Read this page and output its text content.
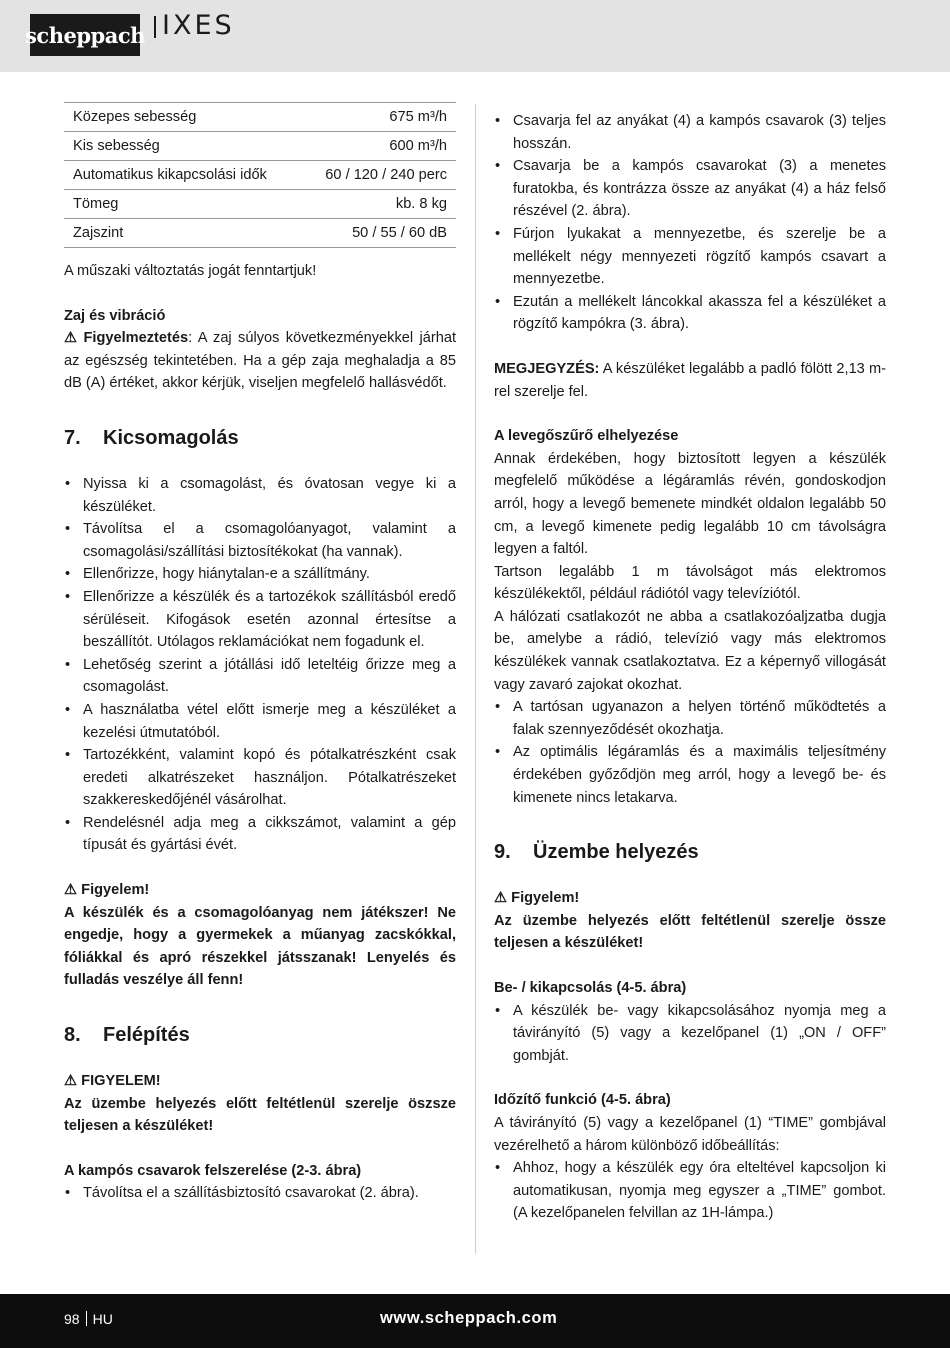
scheppach IXES
Közepes sebesség	675 m³/h
Kis sebesség	600 m³/h
Automatikus kikapcsolási idők	60 / 120 / 240 perc
Tömeg	kb. 8 kg
Zajszint	50 / 55 / 60 dB

A műszaki változtatás jogát fenntartjuk!

Zaj és vibráció

⚠ Figyelmeztetés: A zaj súlyos következményekkel járhat az egészség tekintetében. Ha a gép zaja meghaladja a 85 dB (A) értéket, akkor kérjük, viseljen megfelelő hallásvédőt.

7.	Kicsomagolás
• Nyissa ki a csomagolást, és óvatosan vegye ki a készüléket.
• Távolítsa el a csomagolóanyagot, valamint a csomagolási/szállítási biztosítékokat (ha vannak).
• Ellenőrizze, hogy hiánytalan-e a szállítmány.
• Ellenőrizze a készülék és a tartozékok szállításból eredő sérüléseit. Kifogások esetén azonnal értesítse a beszállítót. Utólagos reklamációkat nem fogadunk el.
• Lehetőség szerint a jótállási idő leteltéig őrizze meg a csomagolást.
• A használatba vétel előtt ismerje meg a készüléket a kezelési útmutatóból.
• Tartozékként, valamint kopó és pótalkatrészként csak eredeti alkatrészeket használjon. Pótalkatrészeket szakkereskedőjénél vásárolhat.
• Rendelésnél adja meg a cikkszámot, valamint a gép típusát és gyártási évét.

⚠ Figyelem!

A készülék és a csomagolóanyag nem játékszer! Ne engedje, hogy a gyermekek a műanyag zacskókkal, fóliákkal és apró részekkel játsszanak! Lenyelés és fulladás veszélye áll fenn!

8.	Felépítés

⚠ FIGYELEM!

Az üzembe helyezés előtt feltétlenül szerelje öszsze teljesen a készüléket!

A kampós csavarok felszerelése (2-3. ábra)

• Távolítsa el a szállításbiztosító csavarokat (2. ábra).
• Csavarja fel az anyákat (4) a kampós csavarok (3) teljes hosszán.
• Csavarja be a kampós csavarokat (3) a menetes furatokba, és kontrázza össze az anyákat (4) a ház felső részével (2. ábra).
• Fúrjon lyukakat a mennyezetbe, és szerelje be a mellékelt négy mennyezeti rögzítő kampós csavart a mennyezetbe.
• Ezután a mellékelt láncokkal akassza fel a készüléket a rögzítő kampókra (3. ábra).

MEGJEGYZÉS: A készüléket legalább a padló fölött 2,13 m-rel szerelje fel.

A levegőszűrő elhelyezése

Annak érdekében, hogy biztosított legyen a készülék megfelelő működése a légáramlás révén, gondoskodjon arról, hogy a levegő bemenete mindkét oldalon legalább 50 cm, a levegő kimenete pedig legalább 10 cm távolságra legyen a faltól.

Tartson legalább 1 m távolságot más elektromos készülékektől, például rádiótól vagy televíziótól.

A hálózati csatlakozót ne abba a csatlakozóaljzatba dugja be, amelybe a rádió, televízió vagy más elektromos készülékek vannak csatlakoztatva. Ez a képernyő villogását vagy zavaró zajokat okozhat.

• A tartósan ugyanazon a helyen történő működtetés a falak szennyeződését okozhatja.
• Az optimális légáramlás és a maximális teljesítmény érdekében győződjön meg arról, hogy a levegő be- és kimenete nincs letakarva.
9.	Üzembe helyezés

⚠ Figyelem!

Az üzembe helyezés előtt feltétlenül szerelje össze teljesen a készüléket!

Be- / kikapcsolás (4-5. ábra)

• A készülék be- vagy kikapcsolásához nyomja meg a távirányító (5) vagy a kezelőpanel (1) „ON / OFF” gombját.

Időzítő funkció (4-5. ábra)

A távirányító (5) vagy a kezelőpanel (1) “TIME” gombjával vezérelhető a három különböző időbeállítás:

• Ahhoz, hogy a készülék egy óra elteltével kapcsoljon ki automatikusan, nyomja meg egyszer a „TIME” gombot. (A kezelőpanelen felvillan az 1H-lámpa.)
98 HU	www.scheppach.com
